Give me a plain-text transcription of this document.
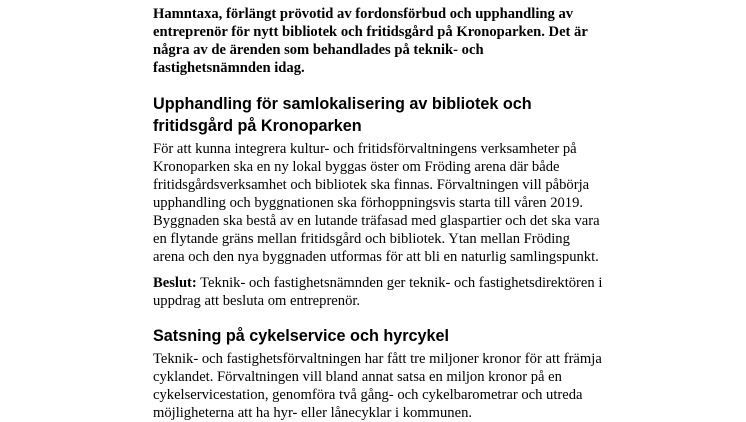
Hamntaxa, förlängt prövotid av fordonsförbud och upphandling av
entreprenör för nytt bibliotek och fritidsgård på Kronoparken. Det är
några av de ärenden som behandlades på teknik- och
fastighetsnämnden idag.

Upphandling för samlokalisering av bibliotek och
fritidsgård på Kronoparken

För att kunna integrera kultur- och fritidsförvaltningens verksamheter på
Kronoparken ska en ny lokal byggas öster om Fröding arena där både
fritidsgårdsverksamhet och bibliotek ska finnas. Förvaltningen vill påbörja
upphandling och byggnationen ska förhoppningsvis starta till våren 2019.
Byggnaden ska bestå av en lutande träfasad med glaspartier och det ska vara
en flytande gräns mellan fritidsgård och bibliotek. Ytan mellan Fröding
arena och den nya byggnaden utformas för att bli en naturlig samlingspunkt.

Beslut: Teknik- och fastighetsnämnden ger teknik- och fastighetsdirektören i
uppdrag att besluta om entreprenör.

Satsning på cykelservice och hyrcykel

Teknik- och fastighetsförvaltningen har fått tre miljoner kronor för att främja
cyklandet. Förvaltningen vill bland annat satsa en miljon kronor på en
cykelservicestation, genomföra två gång- och cykelbarometrar och utreda
möjligheterna att ha hyr- eller lånecyklar i kommunen.
